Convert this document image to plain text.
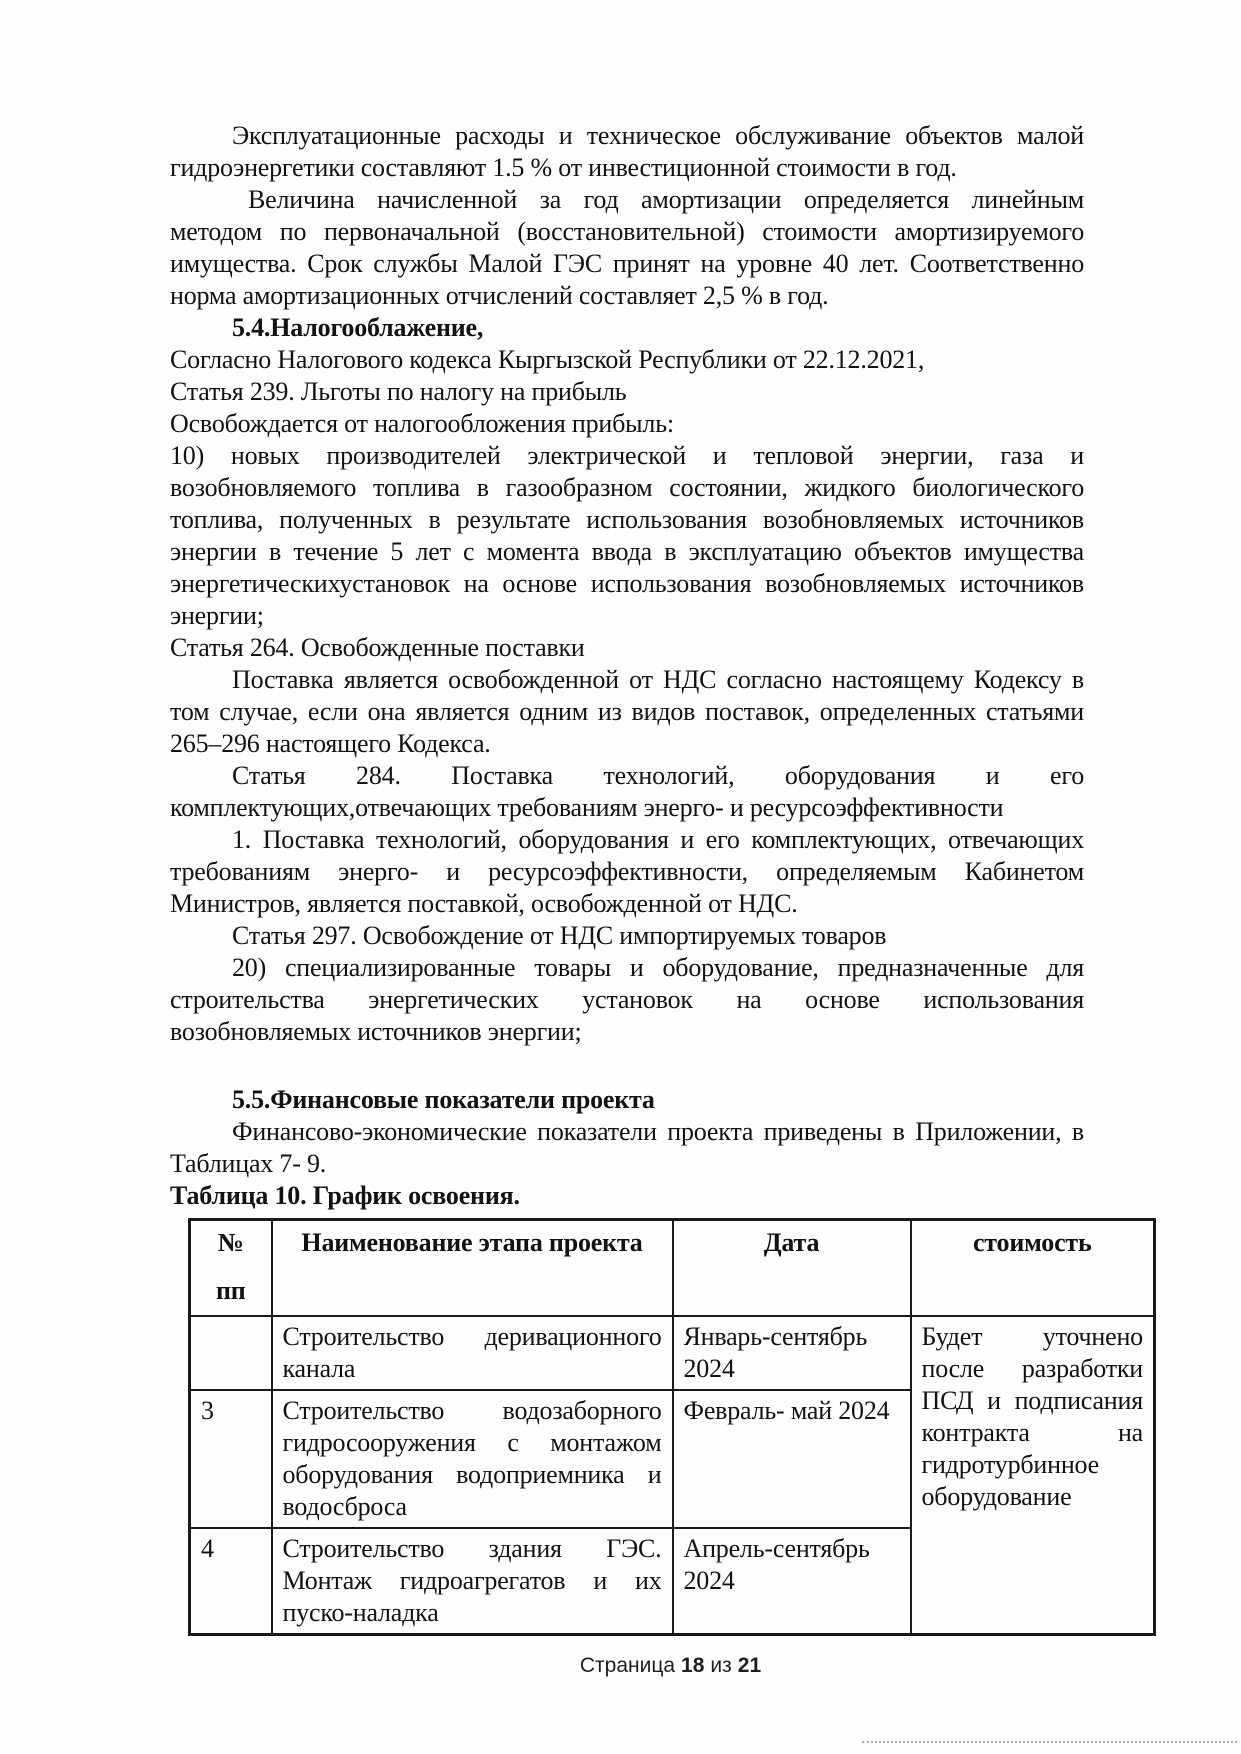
Эксплуатационные расходы и техническое обслуживание объектов малой гидроэнергетики составляют 1.5 % от инвестиционной стоимости в год.
Величина начисленной за год амортизации определяется линейным методом по первоначальной (восстановительной) стоимости амортизируемого имущества. Срок службы Малой ГЭС принят на уровне 40 лет. Соответственно норма амортизационных отчислений составляет 2,5 % в год.
5.4.Налогооблажение,
Согласно Налогового кодекса Кыргызской Республики от 22.12.2021,
Статья 239. Льготы по налогу на прибыль
Освобождается от налогообложения прибыль:
10) новых производителей электрической и тепловой энергии, газа и возобновляемого топлива в газообразном состоянии, жидкого биологического топлива, полученных в результате использования возобновляемых источников энергии в течение 5 лет с момента ввода в эксплуатацию объектов имущества энергетическихустановок на основе использования возобновляемых источников энергии;
Статья 264. Освобожденные поставки
Поставка является освобожденной от НДС согласно настоящему Кодексу в том случае, если она является одним из видов поставок, определенных статьями 265–296 настоящего Кодекса.
Статья 284. Поставка технологий, оборудования и его комплектующих,отвечающих требованиям энерго- и ресурсоэффективности
1. Поставка технологий, оборудования и его комплектующих, отвечающих требованиям энерго- и ресурсоэффективности, определяемым Кабинетом Министров, является поставкой, освобожденной от НДС.
Статья 297. Освобождение от НДС импортируемых товаров
20) специализированные товары и оборудование, предназначенные для строительства энергетических установок на основе использования возобновляемых источников энергии;
5.5.Финансовые показатели проекта
Финансово-экономические показатели проекта приведены в Приложении, в Таблицах 7- 9.
Таблица 10. График освоения.
№
пп	Наименование этапа проекта	Дата	стоимость
	Строительство деривационного канала	Январь-сентябрь 2024	Будет уточнено после разработки ПСД и подписания контракта на гидротурбинное оборудование
3	Строительство водозаборного гидросооружения с монтажом оборудования водоприемника и водосброса	Февраль- май 2024	
4	Строительство здания ГЭС. Монтаж гидроагрегатов и их пуско-наладка	Апрель-сентябрь 2024	
Страница 18 из 21
